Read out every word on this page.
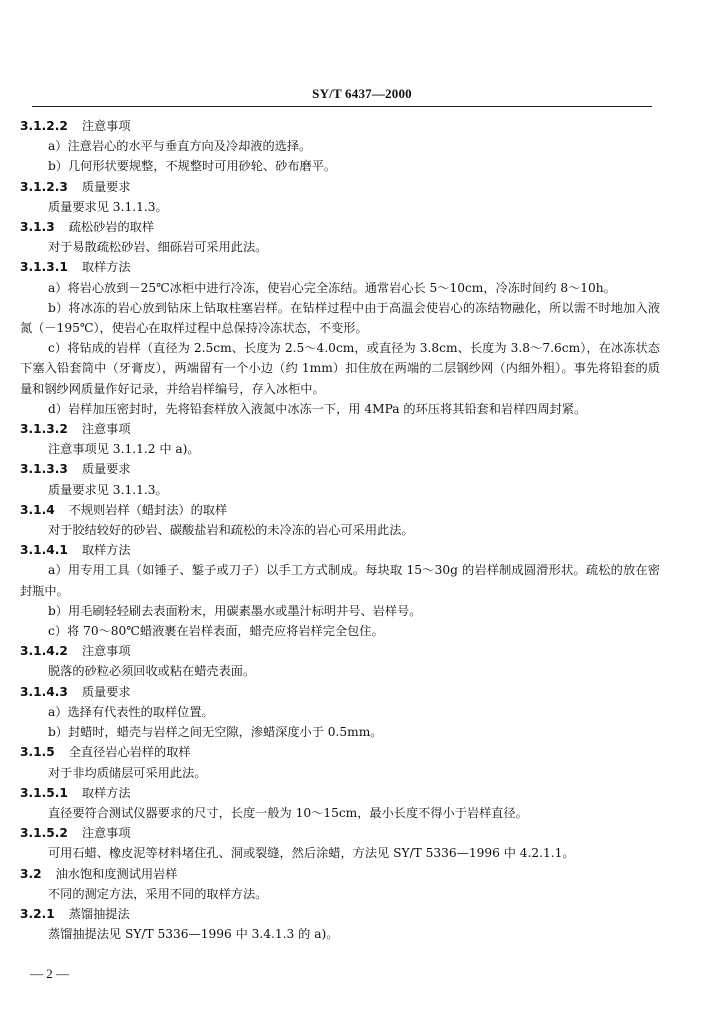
SY/T 6437—2000
3.1.2.2 注意事项
a）注意岩心的水平与垂直方向及冷却液的选择。
b）几何形状要规整，不规整时可用砂轮、砂布磨平。
3.1.2.3 质量要求
质量要求见 3.1.1.3。
3.1.3 疏松砂岩的取样
对于易散疏松砂岩、细砾岩可采用此法。
3.1.3.1 取样方法
a）将岩心放到－25℃冰柜中进行冷冻，使岩心完全冻结。通常岩心长 5～10cm，冷冻时间约 8～10h。
b）将冰冻的岩心放到钻床上钻取柱塞岩样。在钻样过程中由于高温会使岩心的冻结物融化，所以需不时地加入液氮（－195℃），使岩心在取样过程中总保持冷冻状态，不变形。
c）将钻成的岩样（直径为 2.5cm、长度为 2.5～4.0cm，或直径为 3.8cm、长度为 3.8～7.6cm），在冰冻状态下塞入铅套筒中（牙膏皮），两端留有一个小边（约 1mm）扣住放在两端的二层钢纱网（内细外粗）。事先将铅套的质量和钢纱网质量作好记录，并给岩样编号，存入冰柜中。
d）岩样加压密封时，先将铅套样放入液氮中冰冻一下，用 4MPa 的环压将其铅套和岩样四周封紧。
3.1.3.2 注意事项
注意事项见 3.1.1.2 中 a)。
3.1.3.3 质量要求
质量要求见 3.1.1.3。
3.1.4 不规则岩样（蜡封法）的取样
对于胶结较好的砂岩、碳酸盐岩和疏松的未冷冻的岩心可采用此法。
3.1.4.1 取样方法
a）用专用工具（如锤子、錾子或刀子）以手工方式制成。每块取 15～30g 的岩样制成圆滑形状。疏松的放在密封瓶中。
b）用毛刷轻轻刷去表面粉末，用碳素墨水或墨汁标明井号、岩样号。
c）将 70～80℃蜡液裹在岩样表面，蜡壳应将岩样完全包住。
3.1.4.2 注意事项
脱落的砂粒必须回收或粘在蜡壳表面。
3.1.4.3 质量要求
a）选择有代表性的取样位置。
b）封蜡时，蜡壳与岩样之间无空隙，渗蜡深度小于 0.5mm。
3.1.5 全直径岩心岩样的取样
对于非均质储层可采用此法。
3.1.5.1 取样方法
直径要符合测试仪器要求的尺寸，长度一般为 10～15cm，最小长度不得小于岩样直径。
3.1.5.2 注意事项
可用石蜡、橡皮泥等材料堵住孔、洞或裂缝，然后涂蜡，方法见 SY/T 5336—1996 中 4.2.1.1。
3.2 油水饱和度测试用岩样
不同的测定方法，采用不同的取样方法。
3.2.1 蒸馏抽提法
蒸馏抽提法见 SY/T 5336—1996 中 3.4.1.3 的 a)。
— 2 —
